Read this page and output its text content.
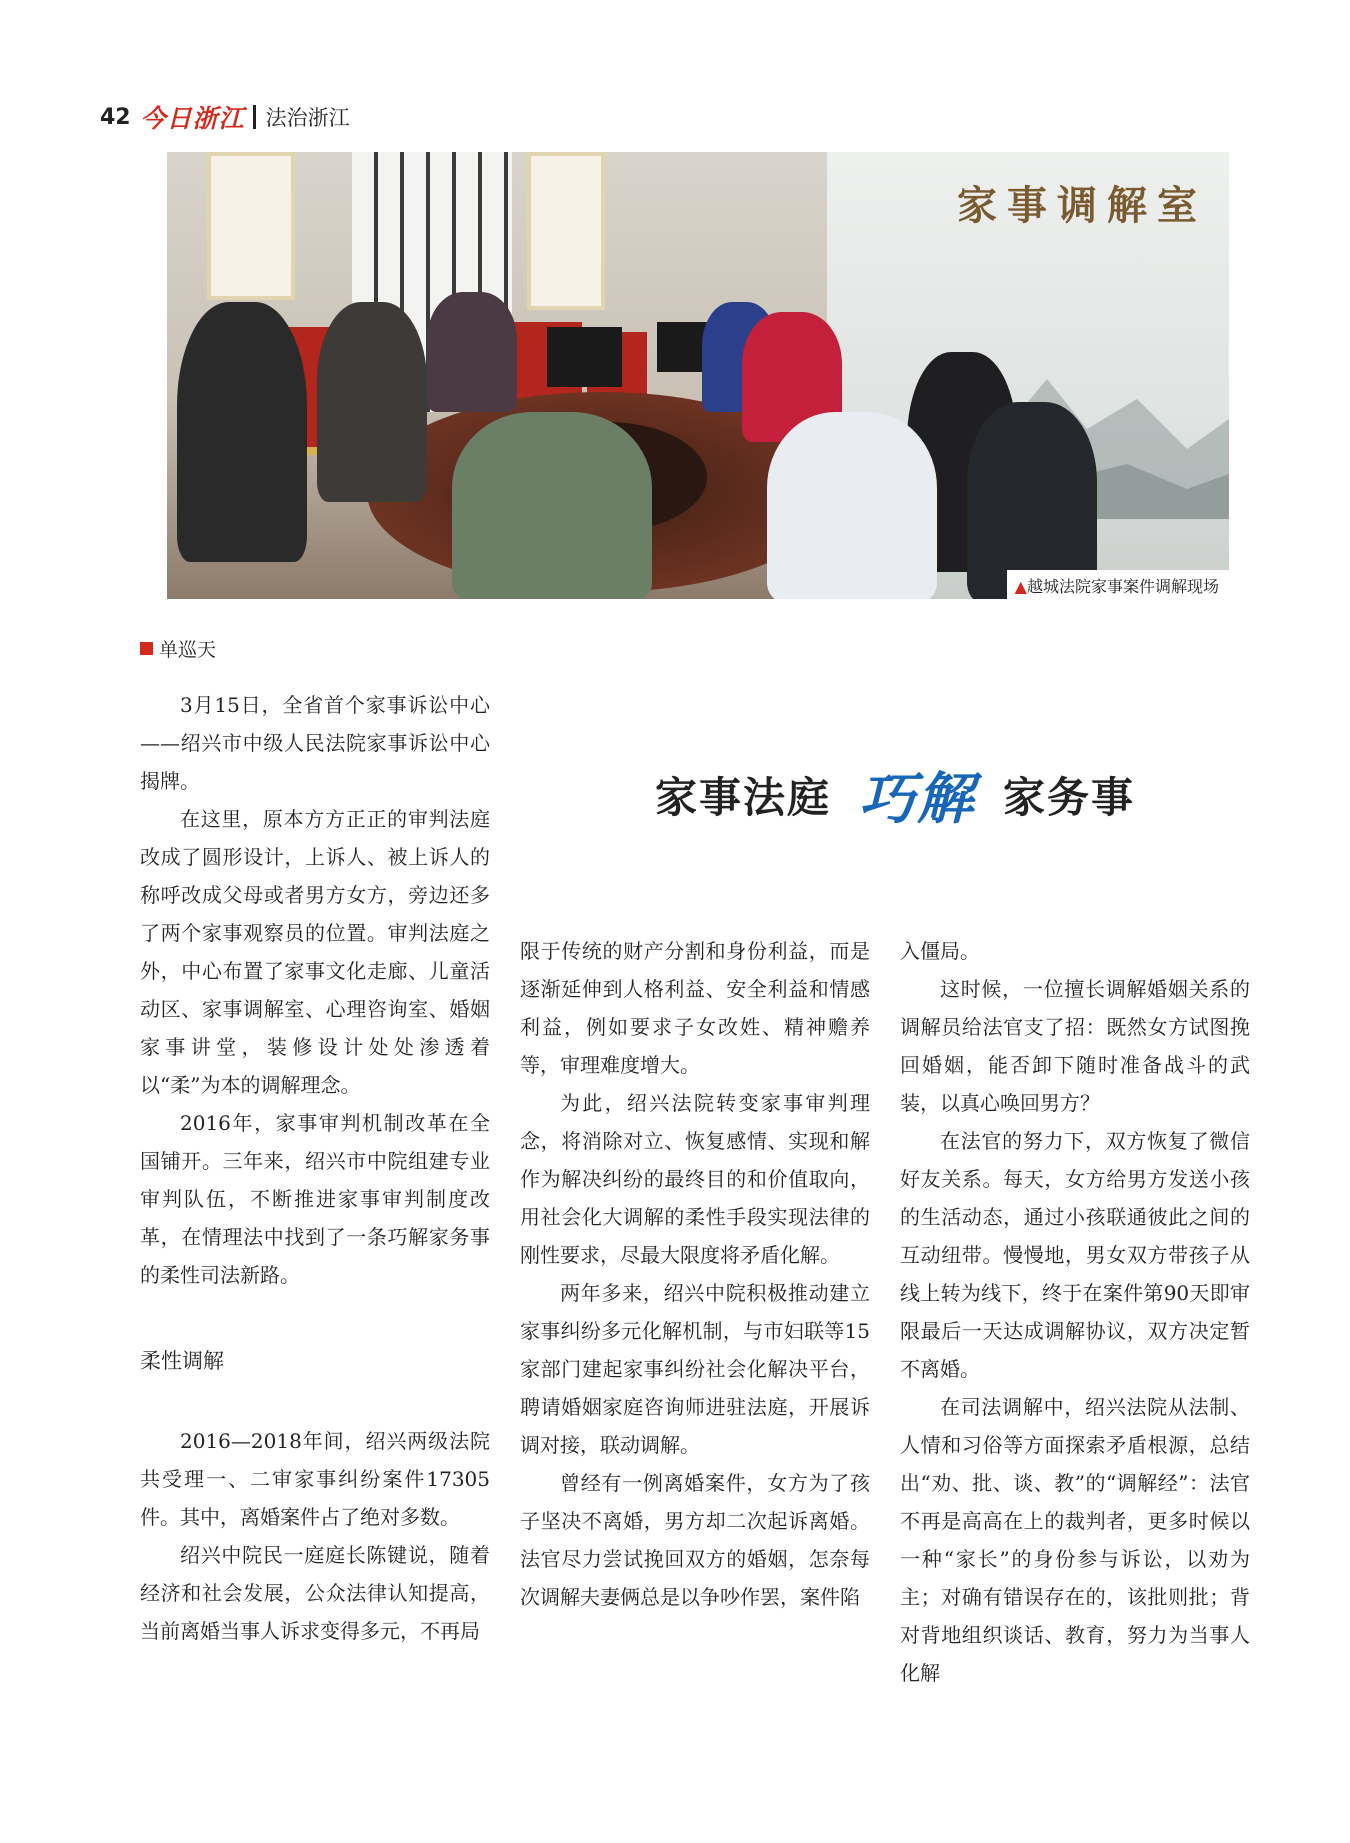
42 今日浙江 法治浙江
家事调解室
▲越城法院家事案件调解现场
单巡天
家事法庭 巧解 家务事

3月15日，全省首个家事诉讼中心——绍兴市中级人民法院家事诉讼中心揭牌。

在这里，原本方方正正的审判法庭改成了圆形设计，上诉人、被上诉人的称呼改成父母或者男方女方，旁边还多了两个家事观察员的位置。审判法庭之外，中心布置了家事文化走廊、儿童活动区、家事调解室、心理咨询室、婚姻家事讲堂，装修设计处处渗透着以“柔”为本的调解理念。

2016年，家事审判机制改革在全国铺开。三年来，绍兴市中院组建专业审判队伍，不断推进家事审判制度改革，在情理法中找到了一条巧解家务事的柔性司法新路。

柔性调解

2016—2018年间，绍兴两级法院共受理一、二审家事纠纷案件17305件。其中，离婚案件占了绝对多数。

绍兴中院民一庭庭长陈键说，随着经济和社会发展，公众法律认知提高，当前离婚当事人诉求变得多元，不再局

限于传统的财产分割和身份利益，而是逐渐延伸到人格利益、安全利益和情感利益，例如要求子女改姓、精神赡养等，审理难度增大。

为此，绍兴法院转变家事审判理念，将消除对立、恢复感情、实现和解作为解决纠纷的最终目的和价值取向，用社会化大调解的柔性手段实现法律的刚性要求，尽最大限度将矛盾化解。

两年多来，绍兴中院积极推动建立家事纠纷多元化解机制，与市妇联等15家部门建起家事纠纷社会化解决平台，聘请婚姻家庭咨询师进驻法庭，开展诉调对接，联动调解。

曾经有一例离婚案件，女方为了孩子坚决不离婚，男方却二次起诉离婚。法官尽力尝试挽回双方的婚姻，怎奈每次调解夫妻俩总是以争吵作罢，案件陷

入僵局。

这时候，一位擅长调解婚姻关系的调解员给法官支了招：既然女方试图挽回婚姻，能否卸下随时准备战斗的武装，以真心唤回男方？

在法官的努力下，双方恢复了微信好友关系。每天，女方给男方发送小孩的生活动态，通过小孩联通彼此之间的互动纽带。慢慢地，男女双方带孩子从线上转为线下，终于在案件第90天即审限最后一天达成调解协议，双方决定暂不离婚。

在司法调解中，绍兴法院从法制、人情和习俗等方面探索矛盾根源，总结出“劝、批、谈、教”的“调解经”：法官不再是高高在上的裁判者，更多时候以一种“家长”的身份参与诉讼，以劝为主；对确有错误存在的，该批则批；背对背地组织谈话、教育，努力为当事人化解
